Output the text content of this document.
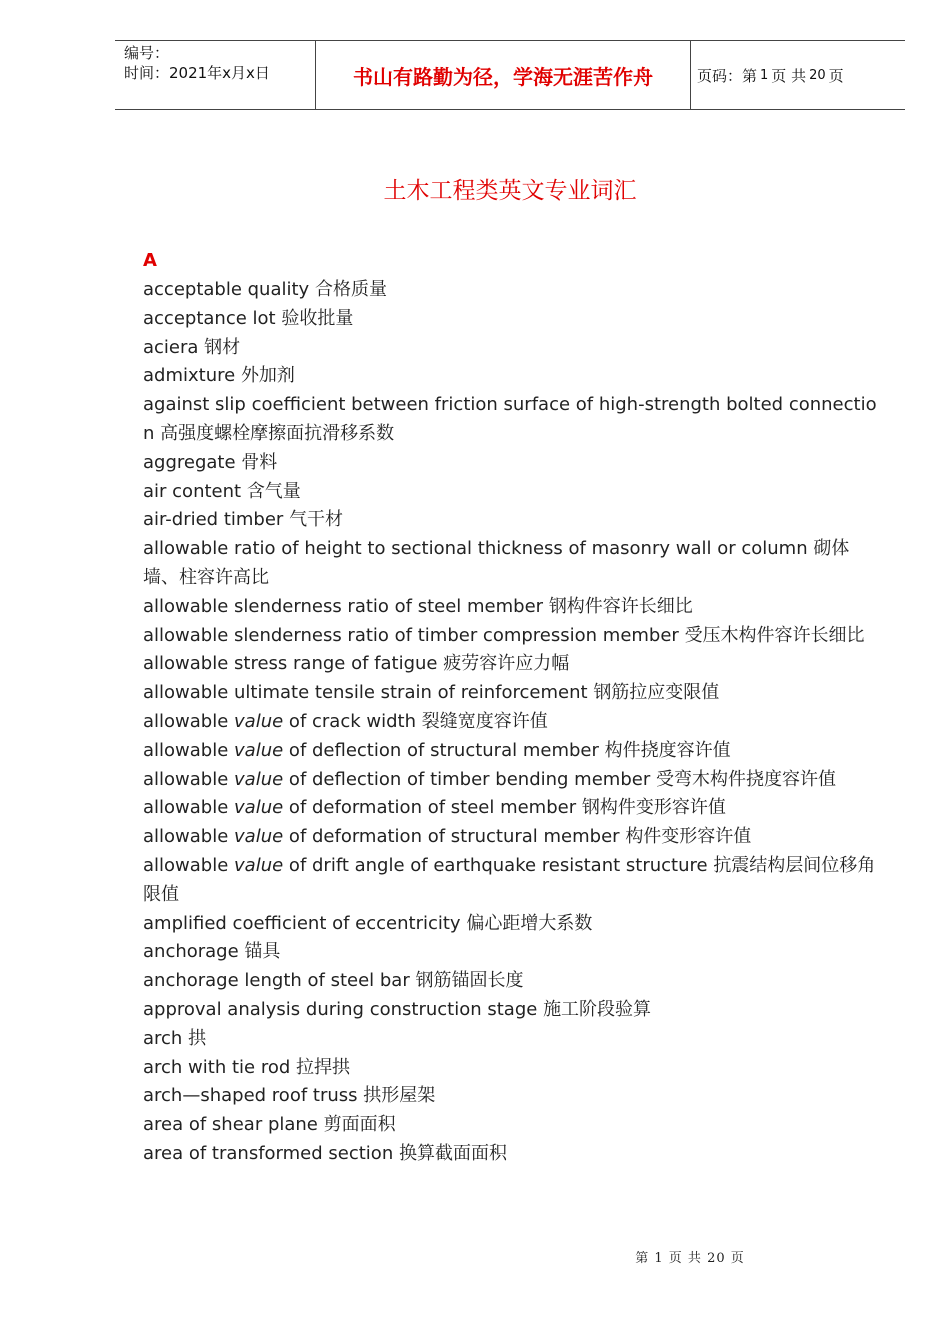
编号：
时间：2021年x月x日	书山有路勤为径，学海无涯苦作舟	页码：第 1 页 共 20 页
土木工程类英文专业词汇
A
acceptable quality 合格质量
acceptance lot 验收批量
aciera 钢材
admixture 外加剂
against slip coefficient between friction surface of high-strength bolted connection 高强度螺栓摩擦面抗滑移系数
aggregate 骨料
air content 含气量
air-dried timber 气干材
allowable ratio of height to sectional thickness of masonry wall or column 砌体墙、柱容许高比
allowable slenderness ratio of steel member 钢构件容许长细比
allowable slenderness ratio of timber compression member 受压木构件容许长细比
allowable stress range of fatigue 疲劳容许应力幅
allowable ultimate tensile strain of reinforcement 钢筋拉应变限值
allowable value of crack width 裂缝宽度容许值
allowable value of deflection of structural member 构件挠度容许值
allowable value of deflection of timber bending member 受弯木构件挠度容许值
allowable value of deformation of steel member 钢构件变形容许值
allowable value of deformation of structural member 构件变形容许值
allowable value of drift angle of earthquake resistant structure 抗震结构层间位移角限值
amplified coefficient of eccentricity 偏心距增大系数
anchorage 锚具
anchorage length of steel bar 钢筋锚固长度
approval analysis during construction stage 施工阶段验算
arch 拱
arch with tie rod 拉捍拱
arch—shaped roof truss 拱形屋架
area of shear plane 剪面面积
area of transformed section 换算截面面积
第 1 页 共 20 页
